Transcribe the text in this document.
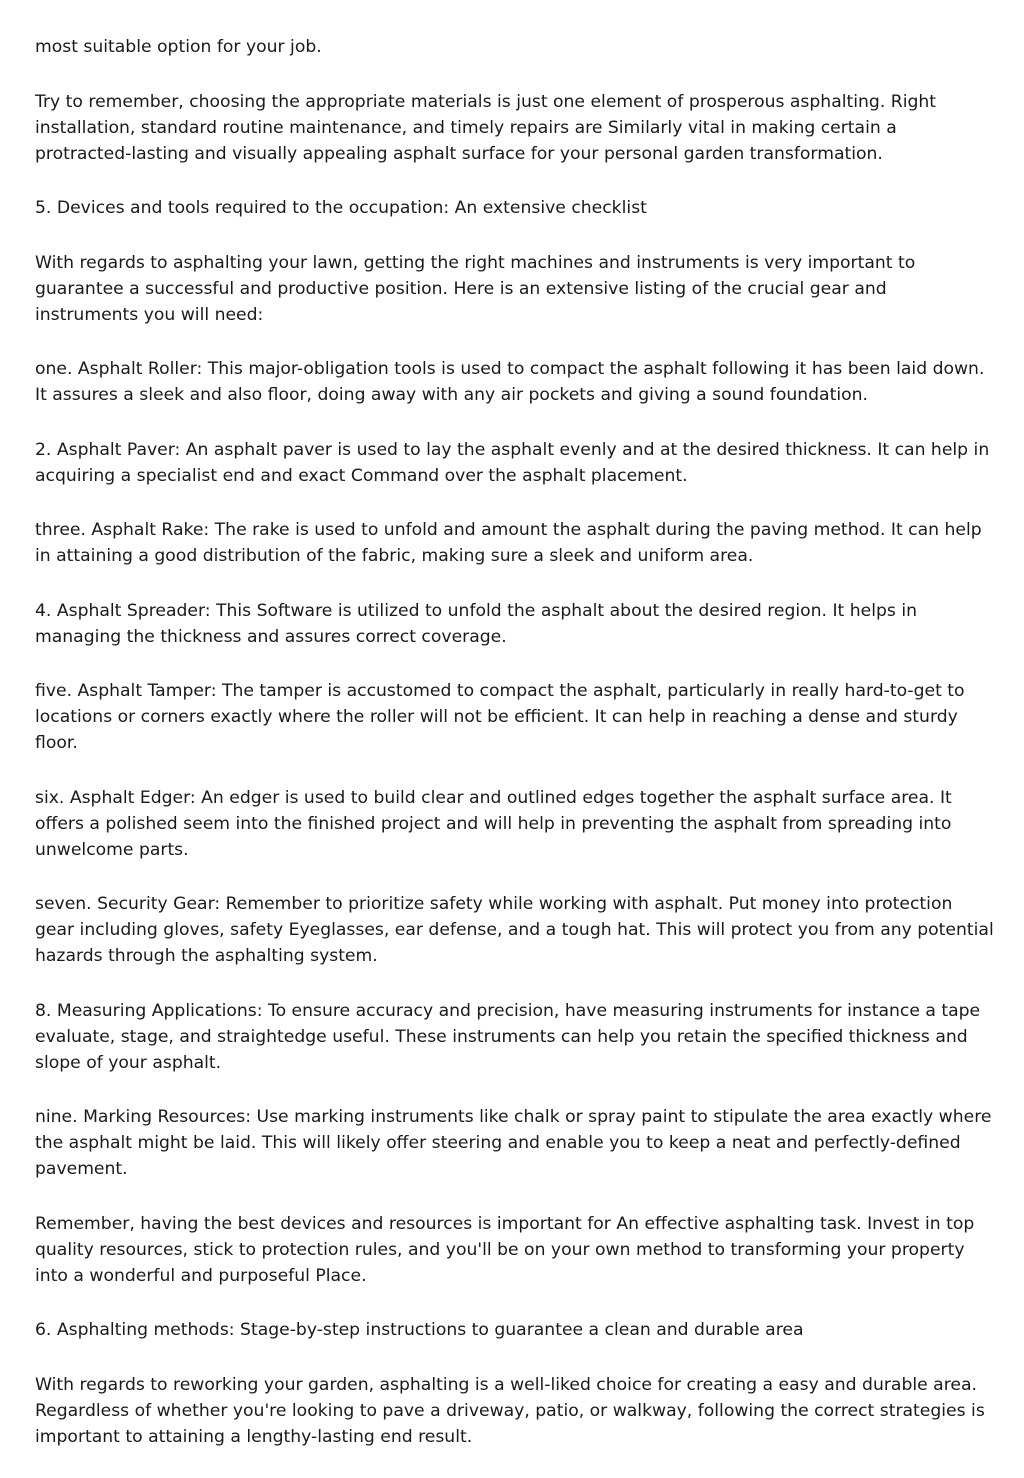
most suitable option for your job.

Try to remember, choosing the appropriate materials is just one element of prosperous asphalting. Right installation, standard routine maintenance, and timely repairs are Similarly vital in making certain a protracted-lasting and visually appealing asphalt surface for your personal garden transformation.

5. Devices and tools required to the occupation: An extensive checklist

With regards to asphalting your lawn, getting the right machines and instruments is very important to guarantee a successful and productive position. Here is an extensive listing of the crucial gear and instruments you will need:

one. Asphalt Roller: This major-obligation tools is used to compact the asphalt following it has been laid down. It assures a sleek and also floor, doing away with any air pockets and giving a sound foundation.

2. Asphalt Paver: An asphalt paver is used to lay the asphalt evenly and at the desired thickness. It can help in acquiring a specialist end and exact Command over the asphalt placement.

three. Asphalt Rake: The rake is used to unfold and amount the asphalt during the paving method. It can help in attaining a good distribution of the fabric, making sure a sleek and uniform area.

4. Asphalt Spreader: This Software is utilized to unfold the asphalt about the desired region. It helps in managing the thickness and assures correct coverage.

five. Asphalt Tamper: The tamper is accustomed to compact the asphalt, particularly in really hard-to-get to locations or corners exactly where the roller will not be efficient. It can help in reaching a dense and sturdy floor.

six. Asphalt Edger: An edger is used to build clear and outlined edges together the asphalt surface area. It offers a polished seem into the finished project and will help in preventing the asphalt from spreading into unwelcome parts.

seven. Security Gear: Remember to prioritize safety while working with asphalt. Put money into protection gear including gloves, safety Eyeglasses, ear defense, and a tough hat. This will protect you from any potential hazards through the asphalting system.

8. Measuring Applications: To ensure accuracy and precision, have measuring instruments for instance a tape evaluate, stage, and straightedge useful. These instruments can help you retain the specified thickness and slope of your asphalt.

nine. Marking Resources: Use marking instruments like chalk or spray paint to stipulate the area exactly where the asphalt might be laid. This will likely offer steering and enable you to keep a neat and perfectly-defined pavement.

Remember, having the best devices and resources is important for An effective asphalting task. Invest in top quality resources, stick to protection rules, and you'll be on your own method to transforming your property into a wonderful and purposeful Place.

6. Asphalting methods: Stage-by-step instructions to guarantee a clean and durable area

With regards to reworking your garden, asphalting is a well-liked choice for creating a easy and durable area. Regardless of whether you're looking to pave a driveway, patio, or walkway, following the correct strategies is important to attaining a lengthy-lasting end result.
